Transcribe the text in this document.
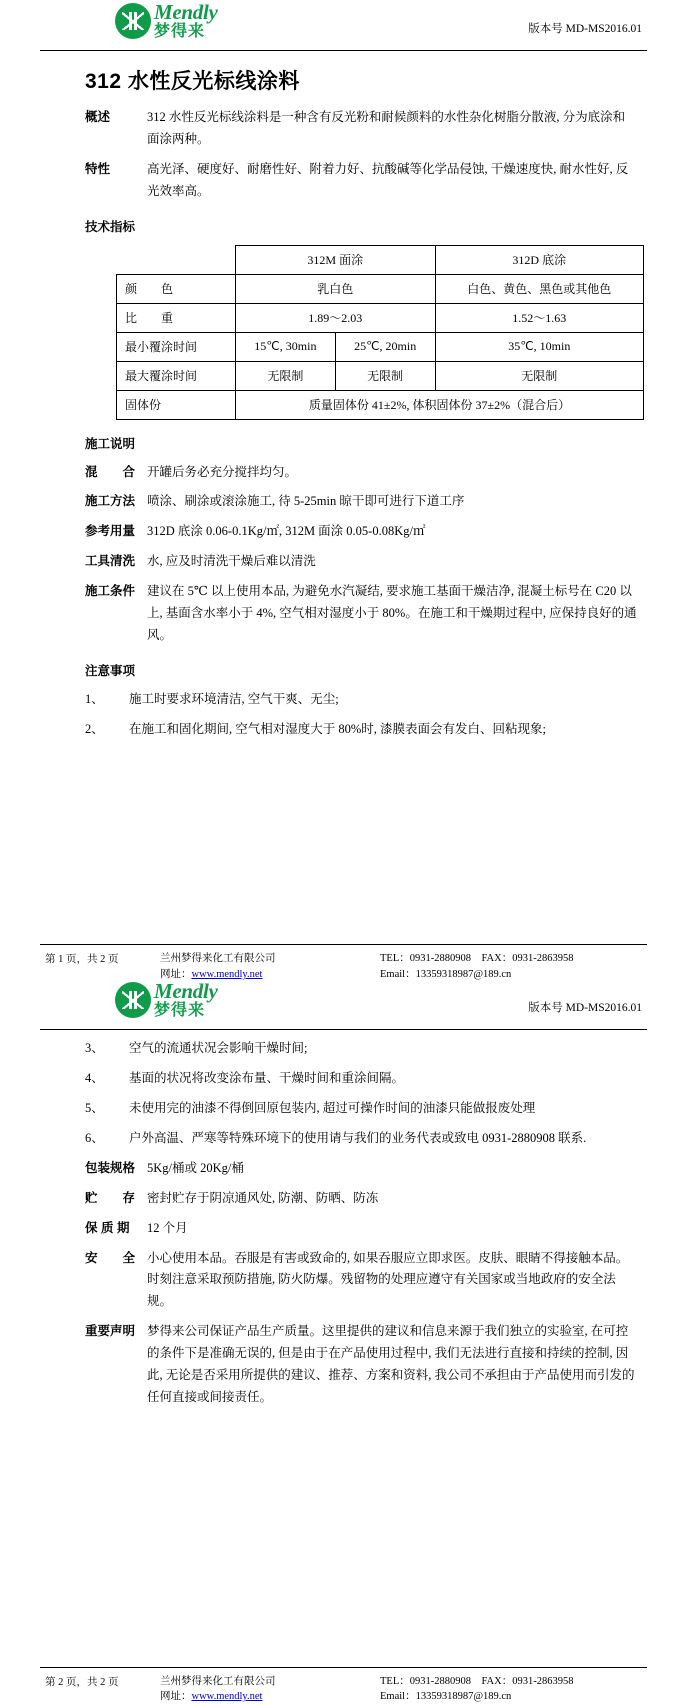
Mendly
梦得来	版本号 MD-MS2016.01
312 水性反光标线涂料
概述	312 水性反光标线涂料是一种含有反光粉和耐候颜料的水性杂化树脂分散液, 分为底涂和面涂两种。
特性	高光泽、硬度好、耐磨性好、附着力好、抗酸碱等化学品侵蚀, 干燥速度快, 耐水性好, 反光效率高。
技术指标
	312M 面涂		312D 底涂
颜　　色	乳白色		白色、黄色、黑色或其他色
比　　重	1.89～2.03		1.52～1.63
最小覆涂时间	15℃, 30min	25℃, 20min	35℃, 10min
最大覆涂时间	无限制	无限制	无限制
固体份	质量固体份 41±2%, 体积固体份 37±2%（混合后）		
施工说明
混　　合 开罐后务必充分搅拌均匀。
施工方法 喷涂、刷涂或滚涂施工, 待 5-25min 晾干即可进行下道工序
参考用量 312D 底涂 0.06-0.1Kg/㎡, 312M 面涂 0.05-0.08Kg/㎡
工具清洗 水, 应及时清洗干燥后难以清洗
施工条件 建议在 5℃ 以上使用本品, 为避免水汽凝结, 要求施工基面干燥洁净, 混凝土标号在 C20 以上, 基面含水率小于 4%, 空气相对湿度小于 80%。在施工和干燥期过程中, 应保持良好的通风。
注意事项
1、	施工时要求环境清洁, 空气干爽、无尘;
2、	在施工和固化期间, 空气相对湿度大于 80%时, 漆膜表面会有发白、回粘现象;
第 1 页，共 2 页	兰州梦得来化工有限公司
网址：www.mendly.net
TEL：0931-2880908 FAX：0931-2863958
Email：13359318987@189.cn
Mendly
梦得来	版本号 MD-MS2016.01
3、	空气的流通状况会影响干燥时间;
4、	基面的状况将改变涂布量、干燥时间和重涂间隔。
5、	未使用完的油漆不得倒回原包装内, 超过可操作时间的油漆只能做报废处理
6、	户外高温、严寒等特殊环境下的使用请与我们的业务代表或致电 0931-2880908 联系.
包装规格 5Kg/桶或 20Kg/桶
贮　　存 密封贮存于阴凉通风处, 防潮、防晒、防冻
保 质 期	12 个月
安　　全 小心使用本品。吞服是有害或致命的, 如果吞服应立即求医。皮肤、眼睛不得接触本品。时刻注意采取预防措施, 防火防爆。残留物的处理应遵守有关国家或当地政府的安全法规。
重要声明 梦得来公司保证产品生产质量。这里提供的建议和信息来源于我们独立的实验室, 在可控的条件下是准确无误的, 但是由于在产品使用过程中, 我们无法进行直接和持续的控制, 因此, 无论是否采用所提供的建议、推荐、方案和资料, 我公司不承担由于产品使用而引发的任何直接或间接责任。
第 2 页，共 2 页	兰州梦得来化工有限公司
网址：www.mendly.net
TEL：0931-2880908 FAX：0931-2863958
Email：13359318987@189.cn
